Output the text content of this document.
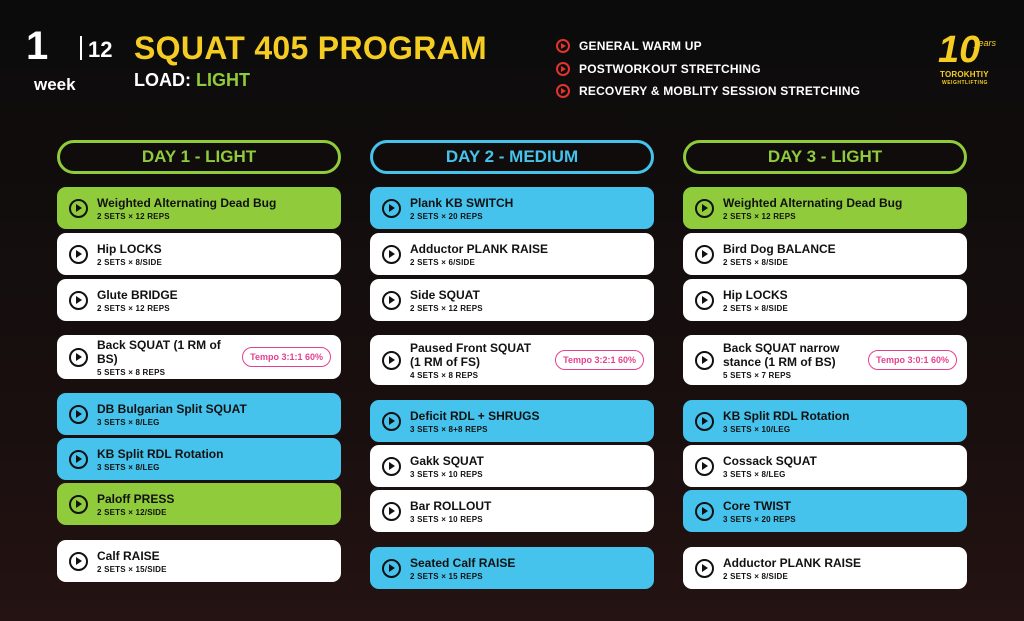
1 12
week
SQUAT 405 PROGRAM
LOAD: LIGHT
GENERAL WARM UP
POSTWORKOUT STRETCHING
RECOVERY & MOBLITY SESSION STRETCHING
10
years
TOROKHTIY
WEIGHTLIFTING
DAY 1 - LIGHT
Weighted Alternating Dead Bug
2 SETS × 12 REPS
Hip LOCKS
2 SETS × 8/SIDE
Glute BRIDGE
2 SETS × 12 REPS
Back SQUAT (1 RM of BS)
5 SETS × 8 REPS
Tempo 3:1:1 60%
DB Bulgarian Split SQUAT
3 SETS × 8/LEG
KB Split RDL Rotation
3 SETS × 8/LEG
Paloff PRESS
2 SETS × 12/SIDE
Calf RAISE
2 SETS × 15/SIDE
DAY 2 - MEDIUM
Plank KB SWITCH
2 SETS × 20 REPS
Adductor PLANK RAISE
2 SETS × 6/SIDE
Side SQUAT
2 SETS × 12 REPS
Paused Front SQUAT
(1 RM of FS)
4 SETS × 8 REPS
Tempo 3:2:1 60%
Deficit RDL + SHRUGS
3 SETS × 8+8 REPS
Gakk SQUAT
3 SETS × 10 REPS
Bar ROLLOUT
3 SETS × 10 REPS
Seated Calf RAISE
2 SETS × 15 REPS
DAY 3 - LIGHT
Weighted Alternating Dead Bug
2 SETS × 12 REPS
Bird Dog BALANCE
2 SETS × 8/SIDE
Hip LOCKS
2 SETS × 8/SIDE
Back SQUAT narrow
stance (1 RM of BS)
5 SETS × 7 REPS
Tempo 3:0:1 60%
KB Split RDL Rotation
3 SETS × 10/LEG
Cossack SQUAT
3 SETS × 8/LEG
Core TWIST
3 SETS × 20 REPS
Adductor PLANK RAISE
2 SETS × 8/SIDE
